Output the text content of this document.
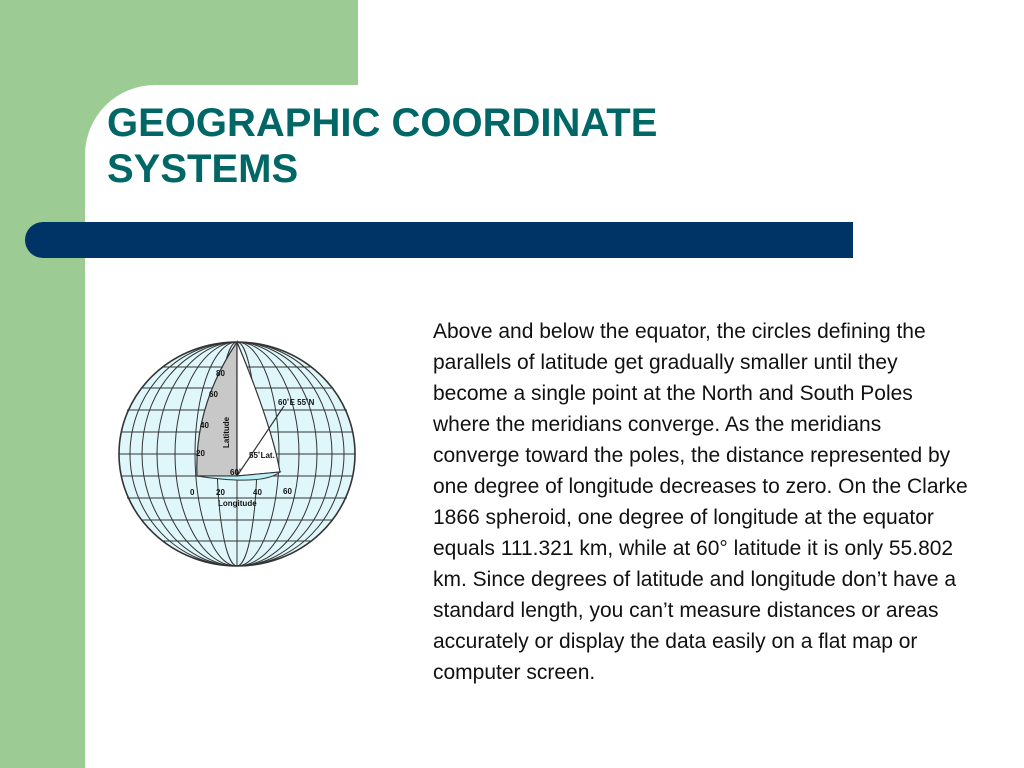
GEOGRAPHIC COORDINATE
SYSTEMS
80
60
40
20
Latitude
60˚E 55˚N
55˚Lat.
60˚
0	20	40	60
Longitude

Above and below the equator, the circles defining the parallels of latitude get gradually smaller until they become a single point at the North and South Poles where the meridians converge. As the meridians converge toward the poles, the distance represented by one degree of longitude decreases to zero. On the Clarke 1866 spheroid, one degree of longitude at the equator equals 111.321 km, while at 60° latitude it is only 55.802 km. Since degrees of latitude and longitude don’t have a standard length, you can’t measure distances or areas accurately or display the data easily on a flat map or computer screen.
